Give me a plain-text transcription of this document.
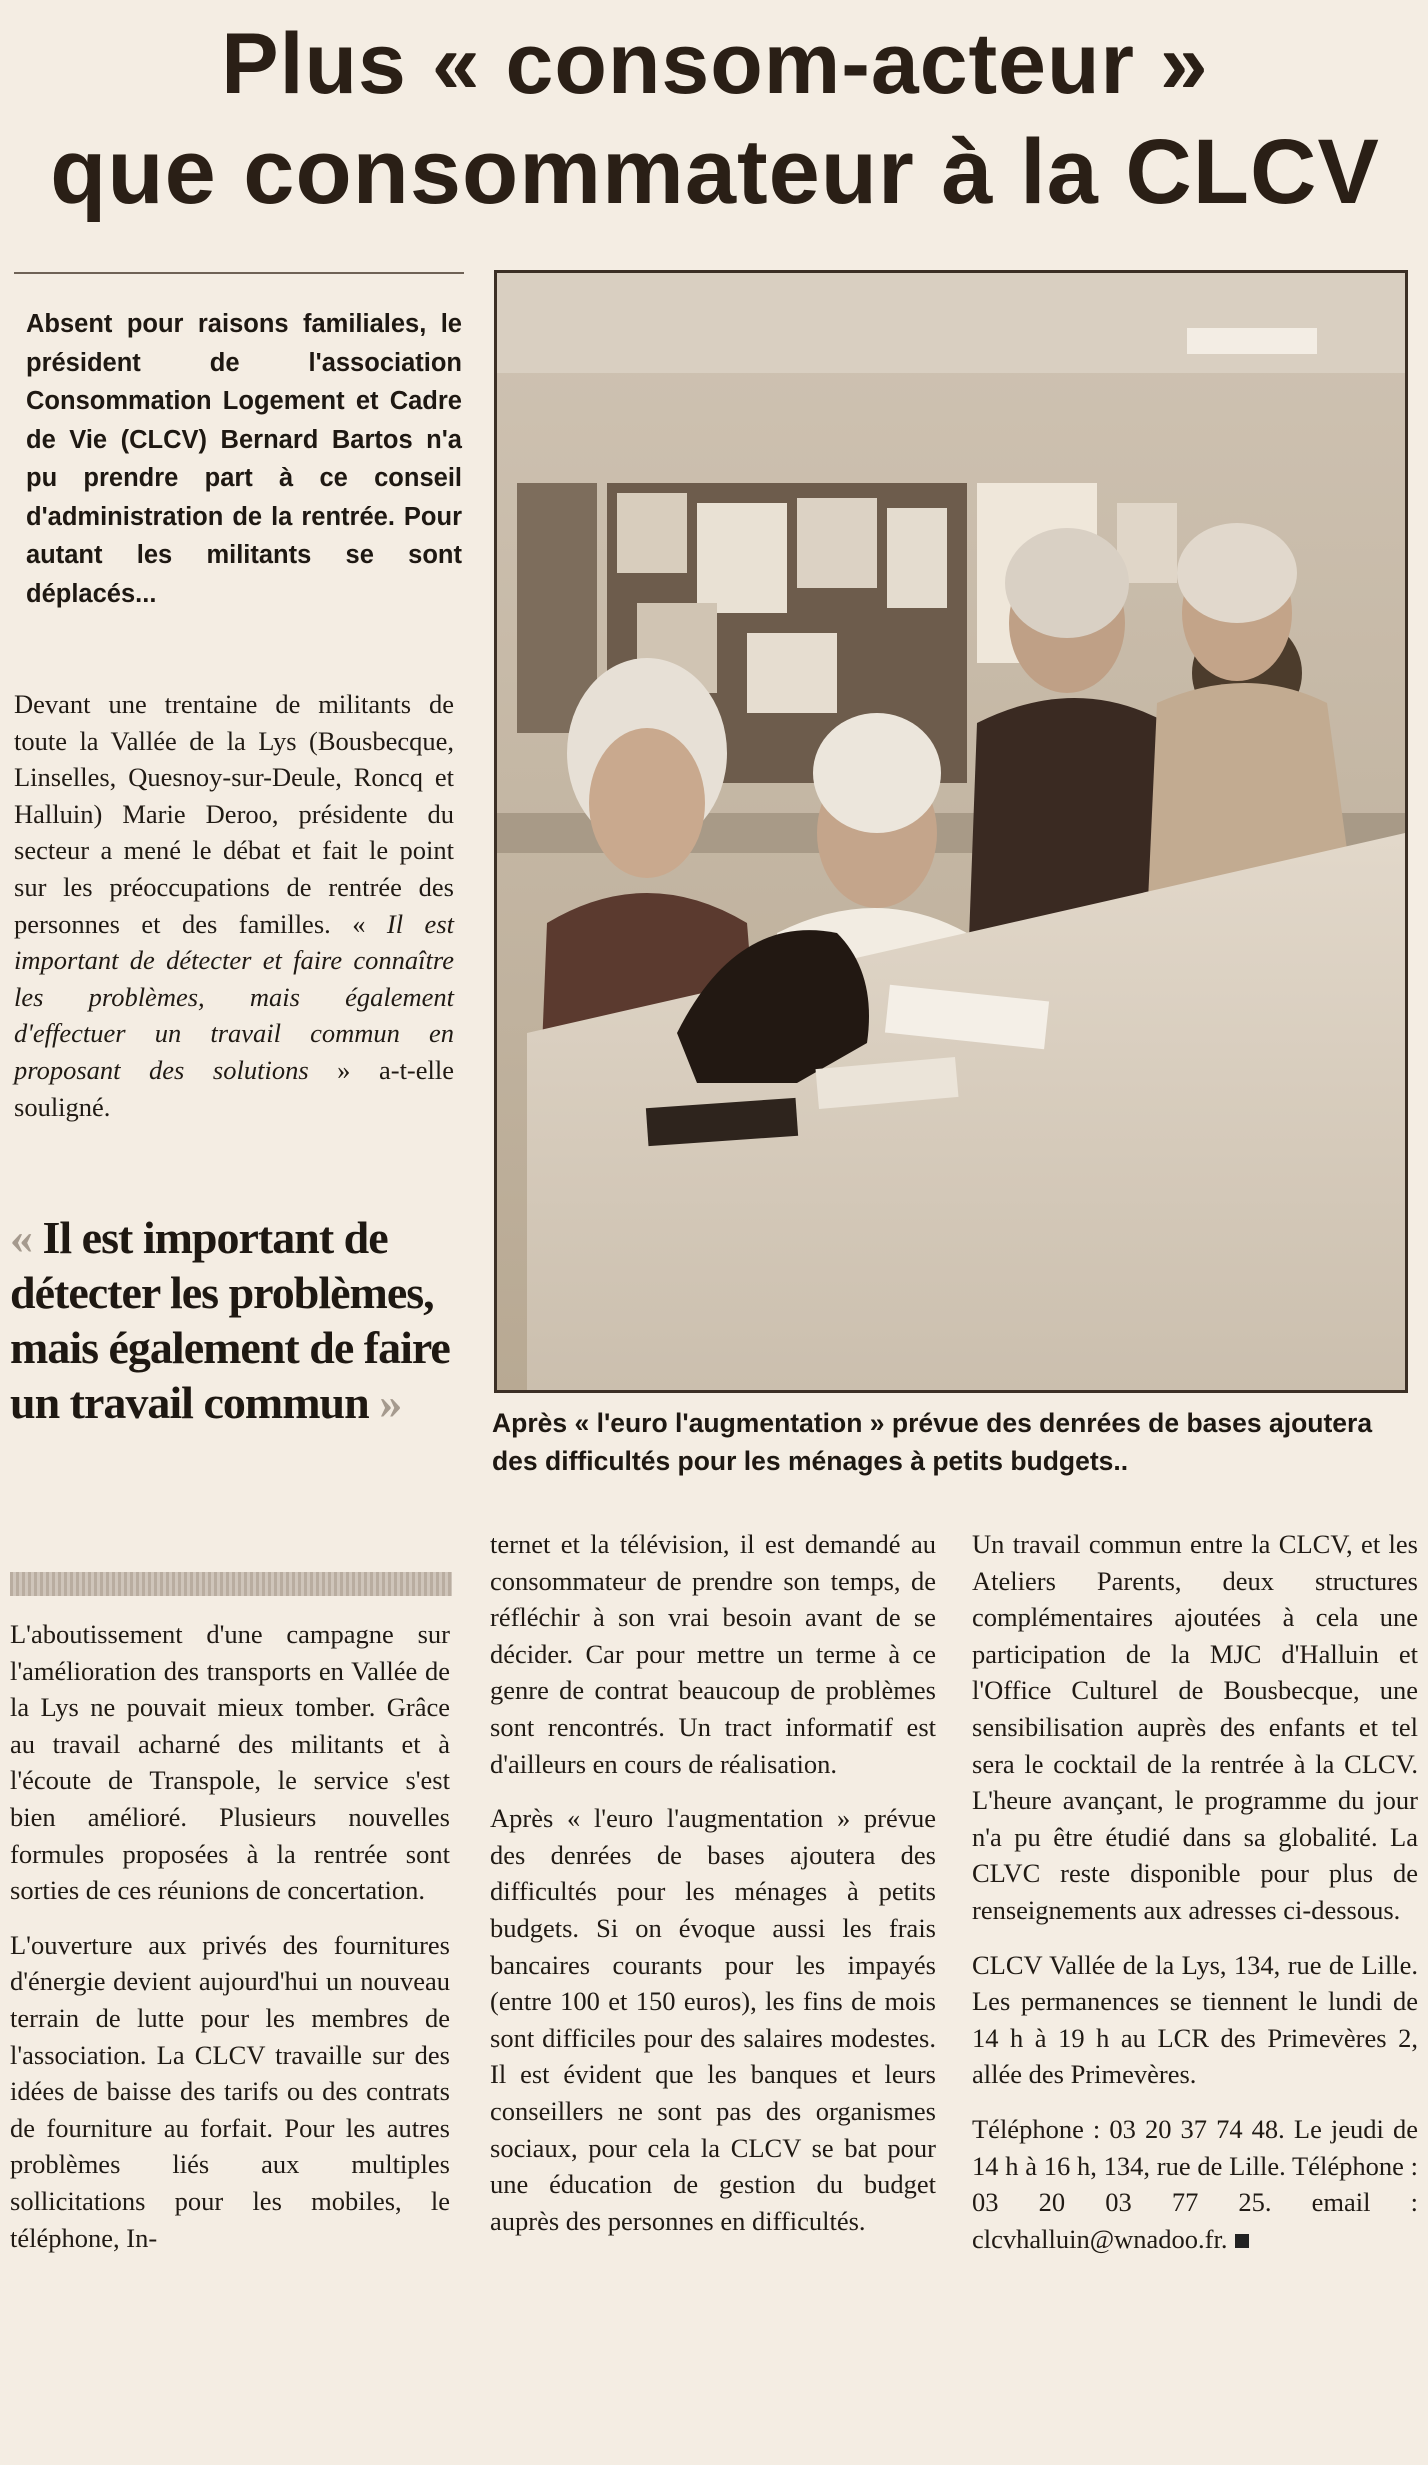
Plus « consom-acteur »
que consommateur à la CLCV

Absent pour raisons familiales, le président de l'association Consommation Logement et Cadre de Vie (CLCV) Bernard Bartos n'a pu prendre part à ce conseil d'administration de la rentrée. Pour autant les militants se sont déplacés...

Devant une trentaine de militants de toute la Vallée de la Lys (Bousbecque, Linselles, Quesnoy-sur-Deule, Roncq et Halluin) Marie Deroo, présidente du secteur a mené le débat et fait le point sur les préoccupations de rentrée des personnes et des familles. « Il est important de détecter et faire connaître les problèmes, mais également d'effectuer un travail commun en proposant des solutions » a-t-elle souligné.

« Il est important de détecter les problèmes, mais également de faire un travail commun »

L'aboutissement d'une campagne sur l'amélioration des transports en Vallée de la Lys ne pouvait mieux tomber. Grâce au travail acharné des militants et à l'écoute de Transpole, le service s'est bien amélioré. Plusieurs nouvelles formules proposées à la rentrée sont sorties de ces réunions de concertation.

L'ouverture aux privés des fournitures d'énergie devient aujourd'hui un nouveau terrain de lutte pour les membres de l'association. La CLCV travaille sur des idées de baisse des tarifs ou des contrats de fourniture au forfait. Pour les autres problèmes liés aux multiples sollicitations pour les mobiles, le téléphone, In-

Après « l'euro l'augmentation » prévue des denrées de bases ajoutera des difficultés pour les ménages à petits budgets..

ternet et la télévision, il est demandé au consommateur de prendre son temps, de réfléchir à son vrai besoin avant de se décider. Car pour mettre un terme à ce genre de contrat beaucoup de problèmes sont rencontrés. Un tract informatif est d'ailleurs en cours de réalisation.

Après « l'euro l'augmentation » prévue des denrées de bases ajoutera des difficultés pour les ménages à petits budgets. Si on évoque aussi les frais bancaires courants pour les impayés (entre 100 et 150 euros), les fins de mois sont difficiles pour des salaires modestes. Il est évident que les banques et leurs conseillers ne sont pas des organismes sociaux, pour cela la CLCV se bat pour une éducation de gestion du budget auprès des personnes en difficultés.

Un travail commun entre la CLCV, et les Ateliers Parents, deux structures complémentaires ajoutées à cela une participation de la MJC d'Halluin et l'Office Culturel de Bousbecque, une sensibilisation auprès des enfants et tel sera le cocktail de la rentrée à la CLCV. L'heure avançant, le programme du jour n'a pu être étudié dans sa globalité. La CLVC reste disponible pour plus de renseignements aux adresses ci-dessous.

CLCV Vallée de la Lys, 134, rue de Lille. Les permanences se tiennent le lundi de 14 h à 19 h au LCR des Primevères 2, allée des Primevères.

Téléphone : 03 20 37 74 48. Le jeudi de 14 h à 16 h, 134, rue de Lille. Téléphone : 03 20 03 77 25. email : clcvhalluin@wnadoo.fr.
